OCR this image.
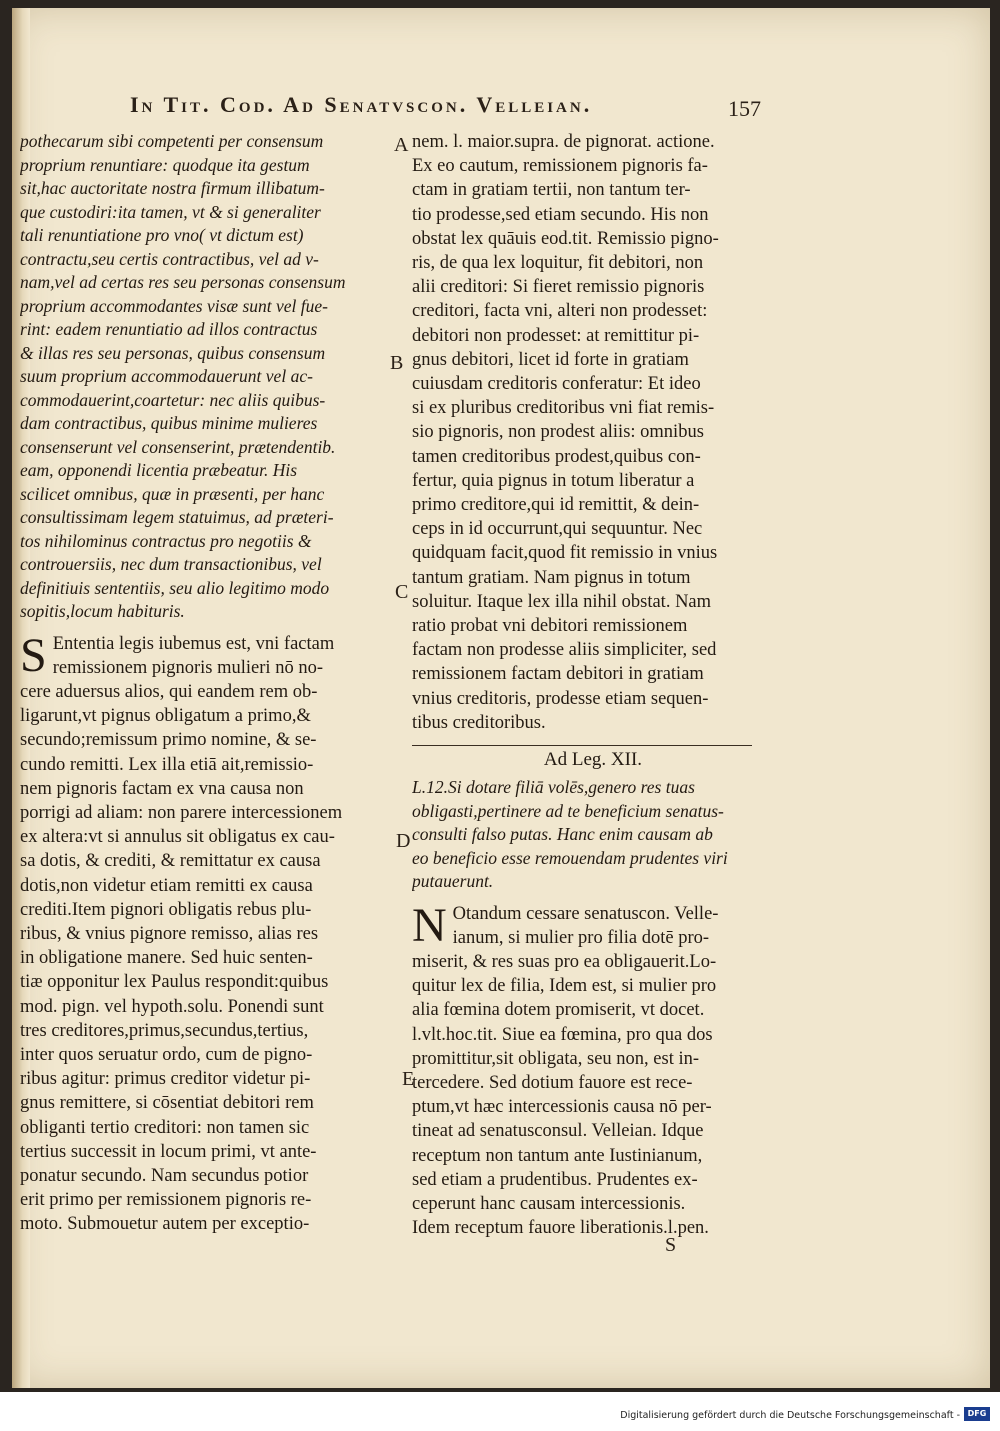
In Tit. Cod. Ad Senatvscon. Velleian.	157
pothecarum sibi competenti per consensum
proprium renuntiare: quodque ita gestum
sit,hac auctoritate nostra firmum illibatum-
que custodiri:ita tamen, vt & si generaliter
tali renuntiatione pro vno( vt dictum est)
contractu,seu certis contractibus, vel ad v-
nam,vel ad certas res seu personas consensum
proprium accommodantes visæ sunt vel fue-
rint: eadem renuntiatio ad illos contractus
& illas res seu personas, quibus consensum
suum proprium accommodauerunt vel ac-
commodauerint,coartetur: nec aliis quibus-
dam contractibus, quibus minime mulieres
consenserunt vel consenserint, prætendentib.
eam, opponendi licentia præbeatur. His
scilicet omnibus, quæ in præsenti, per hanc
consultissimam legem statuimus, ad præteri-
tos nihilominus contractus pro negotiis &
controuersiis, nec dum transactionibus, vel
definitiuis sententiis, seu alio legitimo modo
sopitis,locum habituris.
S Ententia legis iubemus est, vni factam
remissionem pignoris mulieri nō no-
cere aduersus alios, qui eandem rem ob-
ligarunt,vt pignus obligatum a primo,&
secundo;remissum primo nomine, & se-
cundo remitti. Lex illa etiā ait,remissio-
nem pignoris factam ex vna causa non
porrigi ad aliam: non parere intercessionem
ex altera:vt si annulus sit obligatus ex cau-
sa dotis, & crediti, & remittatur ex causa
dotis,non videtur etiam remitti ex causa
crediti.Item pignori obligatis rebus plu-
ribus, & vnius pignore remisso, alias res
in obligatione manere. Sed huic senten-
tiæ opponitur lex Paulus respondit:quibus
mod. pign. vel hypoth.solu. Ponendi sunt
tres creditores,primus,secundus,tertius,
inter quos seruatur ordo, cum de pigno-
ribus agitur: primus creditor videtur pi-
gnus remittere, si cōsentiat debitori rem
obliganti tertio creditori: non tamen sic
tertius successit in locum primi, vt ante-
ponatur secundo. Nam secundus potior
erit primo per remissionem pignoris re-
moto. Submouetur autem per exceptio-
nem. l. maior.supra. de pignorat. actione.
Ex eo cautum, remissionem pignoris fa-
ctam in gratiam tertii, non tantum ter-
tio prodesse,sed etiam secundo. His non
obstat lex quāuis eod.tit. Remissio pigno-
ris, de qua lex loquitur, fit debitori, non
alii creditori: Si fieret remissio pignoris
creditori, facta vni, alteri non prodesset:
debitori non prodesset: at remittitur pi-
gnus debitori, licet id forte in gratiam
cuiusdam creditoris conferatur: Et ideo
si ex pluribus creditoribus vni fiat remis-
sio pignoris, non prodest aliis: omnibus
tamen creditoribus prodest,quibus con-
fertur, quia pignus in totum liberatur a
primo creditore,qui id remittit, & dein-
ceps in id occurrunt,qui sequuntur. Nec
quidquam facit,quod fit remissio in vnius
tantum gratiam. Nam pignus in totum
soluitur. Itaque lex illa nihil obstat. Nam
ratio probat vni debitori remissionem
factam non prodesse aliis simpliciter, sed
remissionem factam debitori in gratiam
vnius creditoris, prodesse etiam sequen-
tibus creditoribus.
Ad Leg. XII.
L.12.Si dotare filiā volēs,genero res tuas
obligasti,pertinere ad te beneficium senatus-
consulti falso putas. Hanc enim causam ab
eo beneficio esse remouendam prudentes viri
putauerunt.
N Otandum cessare senatuscon. Velle-
ianum, si mulier pro filia dotē pro-
miserit, & res suas pro ea obligauerit.Lo-
quitur lex de filia, Idem est, si mulier pro
alia fœmina dotem promiserit, vt docet.
l.vlt.hoc.tit. Siue ea fœmina, pro qua dos
promittitur,sit obligata, seu non, est in-
tercedere. Sed dotium fauore est rece-
ptum,vt hæc intercessionis causa nō per-
tineat ad senatusconsul. Velleian. Idque
receptum non tantum ante Iustinianum,
sed etiam a prudentibus. Prudentes ex-
ceperunt hanc causam intercessionis.
Idem receptum fauore liberationis.l.pen.
A
B
C
D
E
S
Digitalisierung gefördert durch die Deutsche Forschungsgemeinschaft - DFG
